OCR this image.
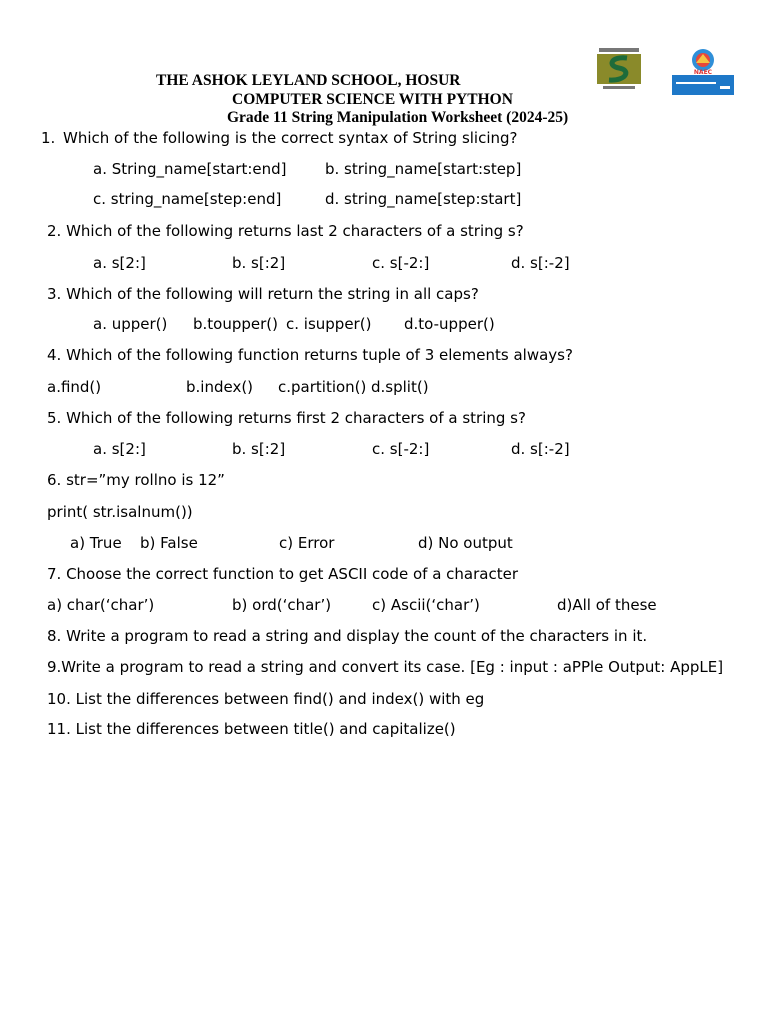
NAEC
THE ASHOK LEYLAND SCHOOL, HOSUR
COMPUTER SCIENCE WITH PYTHON
Grade 11 String Manipulation Worksheet (2024-25)
1. Which of the following is the correct syntax of String slicing?
a. String_name[start:end]	b. string_name[start:step]
c. string_name[step:end]	d. string_name[step:start]
2. Which of the following returns last 2 characters of a string s?
a. s[2:]	b. s[:2]	c. s[-2:]	d. s[:-2]
3. Which of the following will return the string in all caps?
a. upper() b.toupper() c. isupper() d.to-upper()
4. Which of the following function returns tuple of 3 elements always?
a.find()	b.index() c.partition() d.split()
5. Which of the following returns first 2 characters of a string s?
a. s[2:]	b. s[:2]	c. s[-2:]	d. s[:-2]
6. str=”my rollno is 12”
print( str.isalnum())
a) True b) False	c) Error	d) No output
7. Choose the correct function to get ASCII code of a character
a) char(‘char’)	b) ord(‘char’)	c) Ascii(‘char’)	d)All of these
8. Write a program to read a string and display the count of the characters in it.
9.Write a program to read a string and convert its case. [Eg : input : aPPle Output: AppLE]
10. List the differences between find() and index() with eg
11. List the differences between title() and capitalize()
